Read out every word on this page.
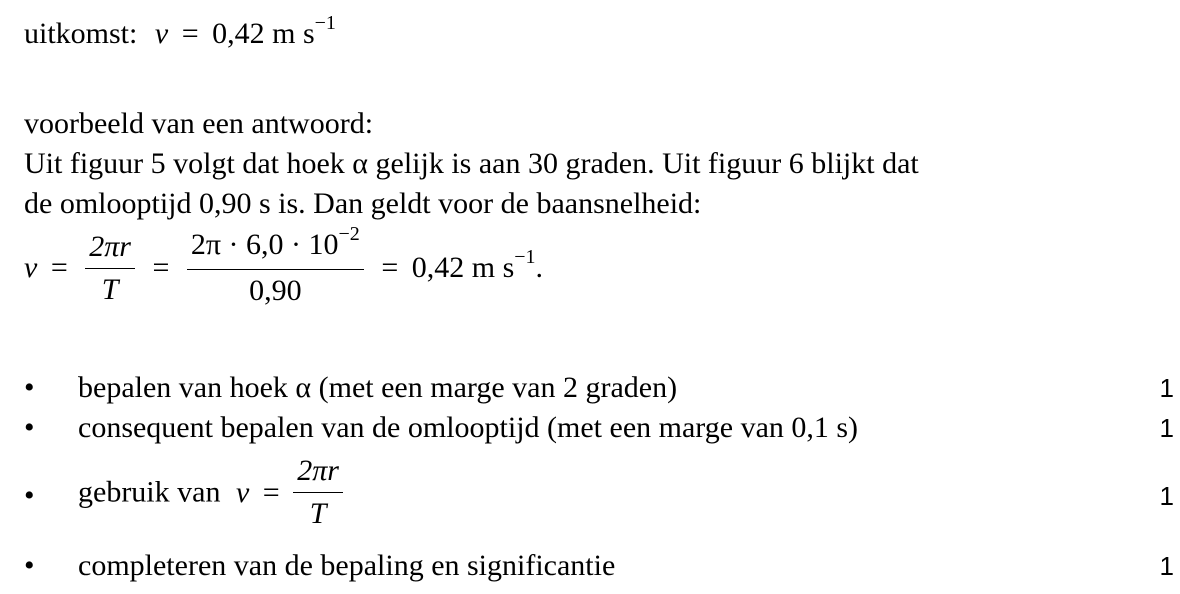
uitkomst: v = 0,42 m $s^{-1}$
voorbeeld van een antwoord:
Uit figuur 5 volgt dat hoek α gelijk is aan 30 graden. Uit figuur 6 blijkt dat
de omlooptijd 0,90 s is. Dan geldt voor de baansnelheid:
$v = \frac{2\pi r}{T} = \frac{2\pi \cdot 6,0 \cdot 10^{-2}}{0,90} = 0,42$ m $s^{-1}$.
• bepalen van hoek α (met een marge van 2 graden)	1
• consequent bepalen van de omlooptijd (met een marge van 0,1 s)	1
• gebruik van $v = \frac{2\pi r}{T}$	1
• completeren van de bepaling en significantie	1
